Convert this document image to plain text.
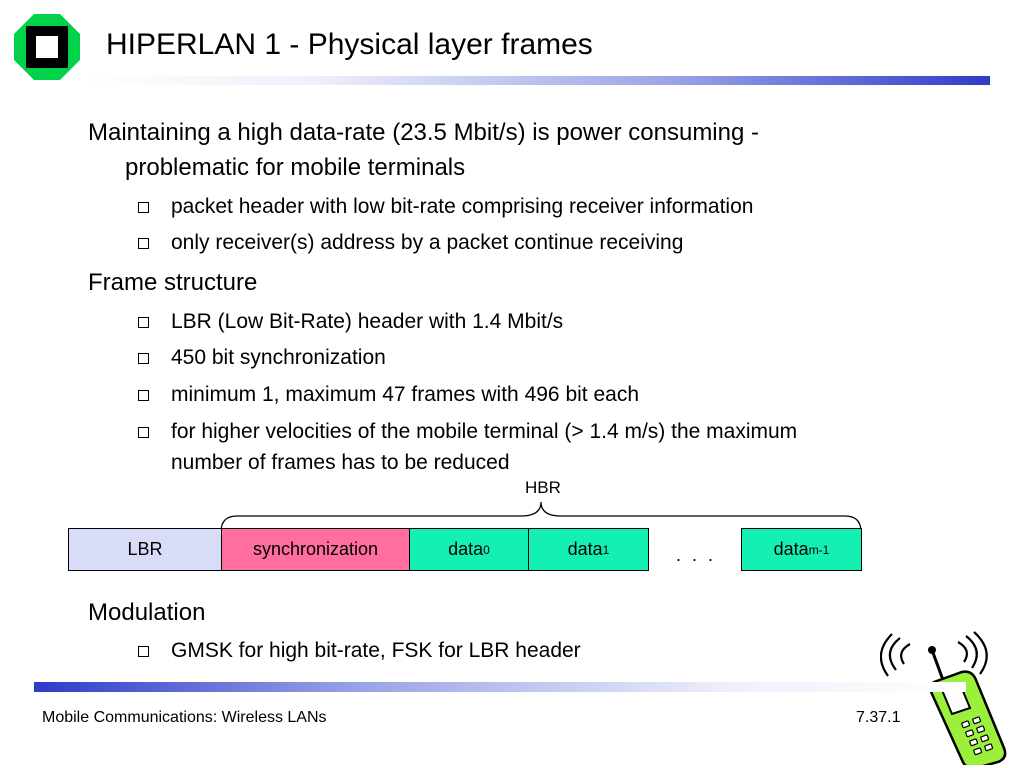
HIPERLAN 1 - Physical layer frames
Maintaining a high data-rate (23.5 Mbit/s) is power consuming -
problematic for mobile terminals
packet header with low bit-rate comprising receiver information
only receiver(s) address by a packet continue receiving
Frame structure
LBR (Low Bit-Rate) header with 1.4 Mbit/s
450 bit synchronization
minimum 1, maximum 47 frames with 496 bit each
for higher velocities of the mobile terminal (> 1.4 m/s) the maximum
number of frames has to be reduced
HBR
LBR	synchronization	data 0	data 1	. . .	data m-1
Modulation
GMSK for high bit-rate, FSK for LBR header
Mobile Communications: Wireless LANs	7.37.1
